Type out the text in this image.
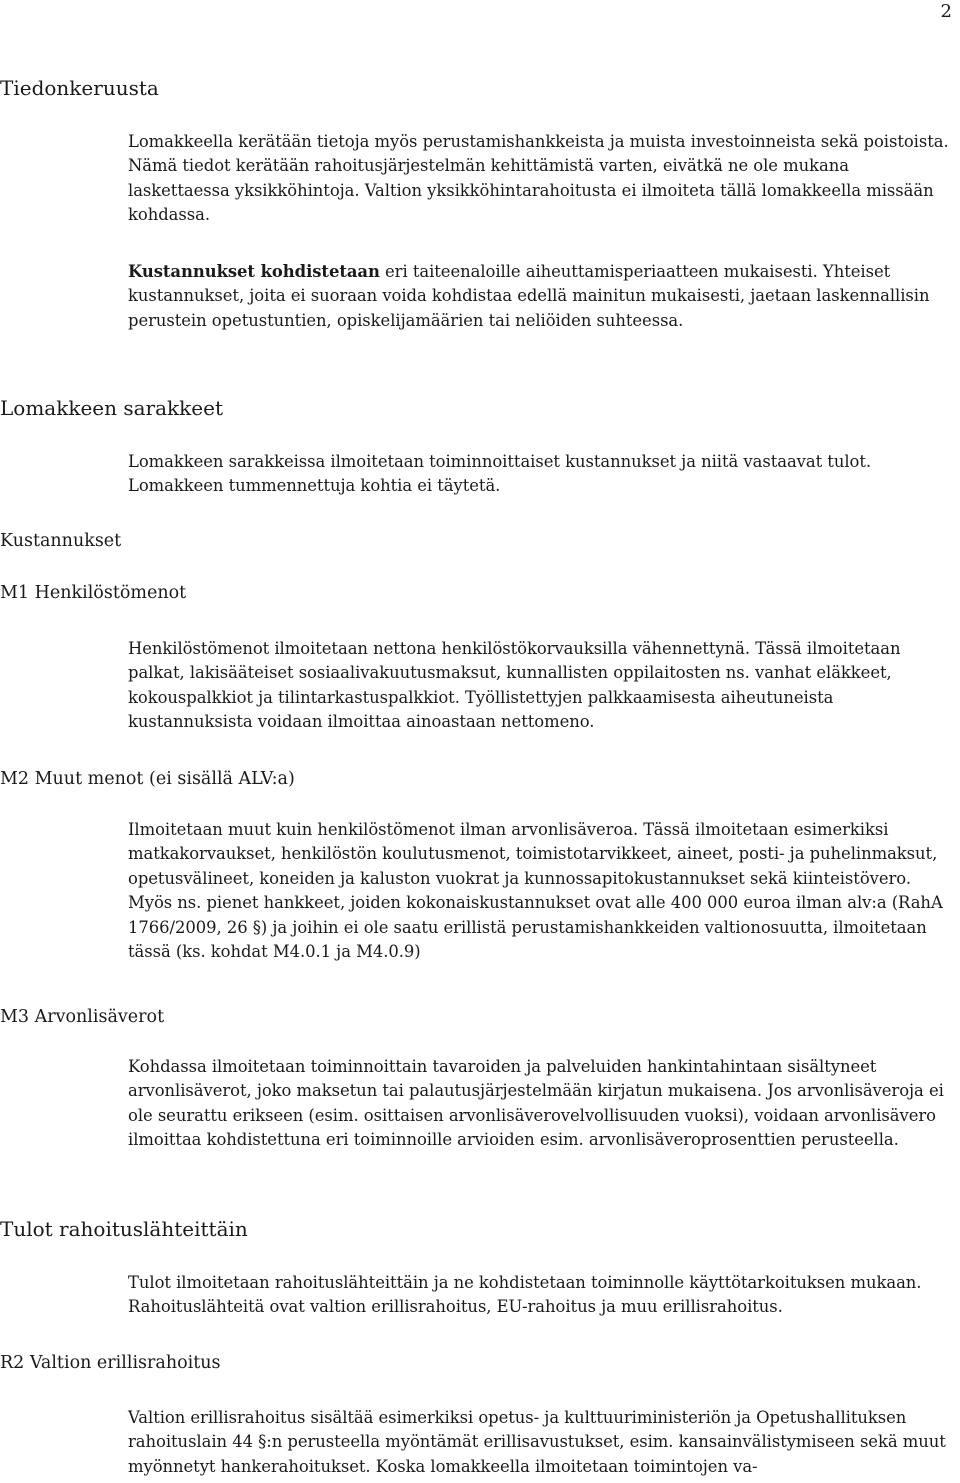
2
Tiedonkeruusta

Lomakkeella kerätään tietoja myös perustamishankkeista ja muista investoinneista sekä poistoista. Nämä tiedot kerätään rahoitusjärjestelmän kehittämistä varten, eivätkä ne ole mukana laskettaessa yksikköhintoja. Valtion yksikköhintarahoitusta ei ilmoiteta tällä lomakkeella missään kohdassa.

Kustannukset kohdistetaan eri taiteenaloille aiheuttamisperiaatteen mukaisesti. Yhteiset kustannukset, joita ei suoraan voida kohdistaa edellä mainitun mukaisesti, jaetaan laskennallisin perustein opetustuntien, opiskelijamäärien tai neliöiden suhteessa.

Lomakkeen sarakkeet

Lomakkeen sarakkeissa ilmoitetaan toiminnoittaiset kustannukset ja niitä vastaavat tulot. Lomakkeen tummennettuja kohtia ei täytetä.

Kustannukset
M1 Henkilöstömenot

Henkilöstömenot ilmoitetaan nettona henkilöstökorvauksilla vähennettynä. Tässä ilmoitetaan palkat, lakisääteiset sosiaalivakuutusmaksut, kunnallisten oppilaitosten ns. vanhat eläkkeet, kokouspalkkiot ja tilintarkastuspalkkiot. Työllistettyjen palkkaamisesta aiheutuneista kustannuksista voidaan ilmoittaa ainoastaan nettomeno.

M2 Muut menot (ei sisällä ALV:a)

Ilmoitetaan muut kuin henkilöstömenot ilman arvonlisäveroa. Tässä ilmoitetaan esimerkiksi matkakorvaukset, henkilöstön koulutusmenot, toimistotarvikkeet, aineet, posti- ja puhelinmaksut, opetusvälineet, koneiden ja kaluston vuokrat ja kunnossapitokustannukset sekä kiinteistövero. Myös ns. pienet hankkeet, joiden kokonaiskustannukset ovat alle 400 000 euroa ilman alv:a (RahA 1766/2009, 26 §) ja joihin ei ole saatu erillistä perustamishankkeiden valtionosuutta, ilmoitetaan tässä (ks. kohdat M4.0.1 ja M4.0.9)

M3 Arvonlisäverot

Kohdassa ilmoitetaan toiminnoittain tavaroiden ja palveluiden hankintahintaan sisältyneet arvonlisäverot, joko maksetun tai palautusjärjestelmään kirjatun mukaisena. Jos arvonlisäveroja ei ole seurattu erikseen (esim. osittaisen arvonlisäverovelvollisuuden vuoksi), voidaan arvonlisävero ilmoittaa kohdistettuna eri toiminnoille arvioiden esim. arvonlisäveroprosenttien perusteella.

Tulot rahoituslähteittäin

Tulot ilmoitetaan rahoituslähteittäin ja ne kohdistetaan toiminnolle käyttötarkoituksen mukaan. Rahoituslähteitä ovat valtion erillisrahoitus, EU-rahoitus ja muu erillisrahoitus.

R2 Valtion erillisrahoitus

Valtion erillisrahoitus sisältää esimerkiksi opetus- ja kulttuuriministeriön ja Opetushallituksen rahoituslain 44 §:n perusteella myöntämät erillisavustukset, esim. kansainvälistymiseen sekä muut myönnetyt hankerahoitukset. Koska lomakkeella ilmoitetaan toimintojen va-
